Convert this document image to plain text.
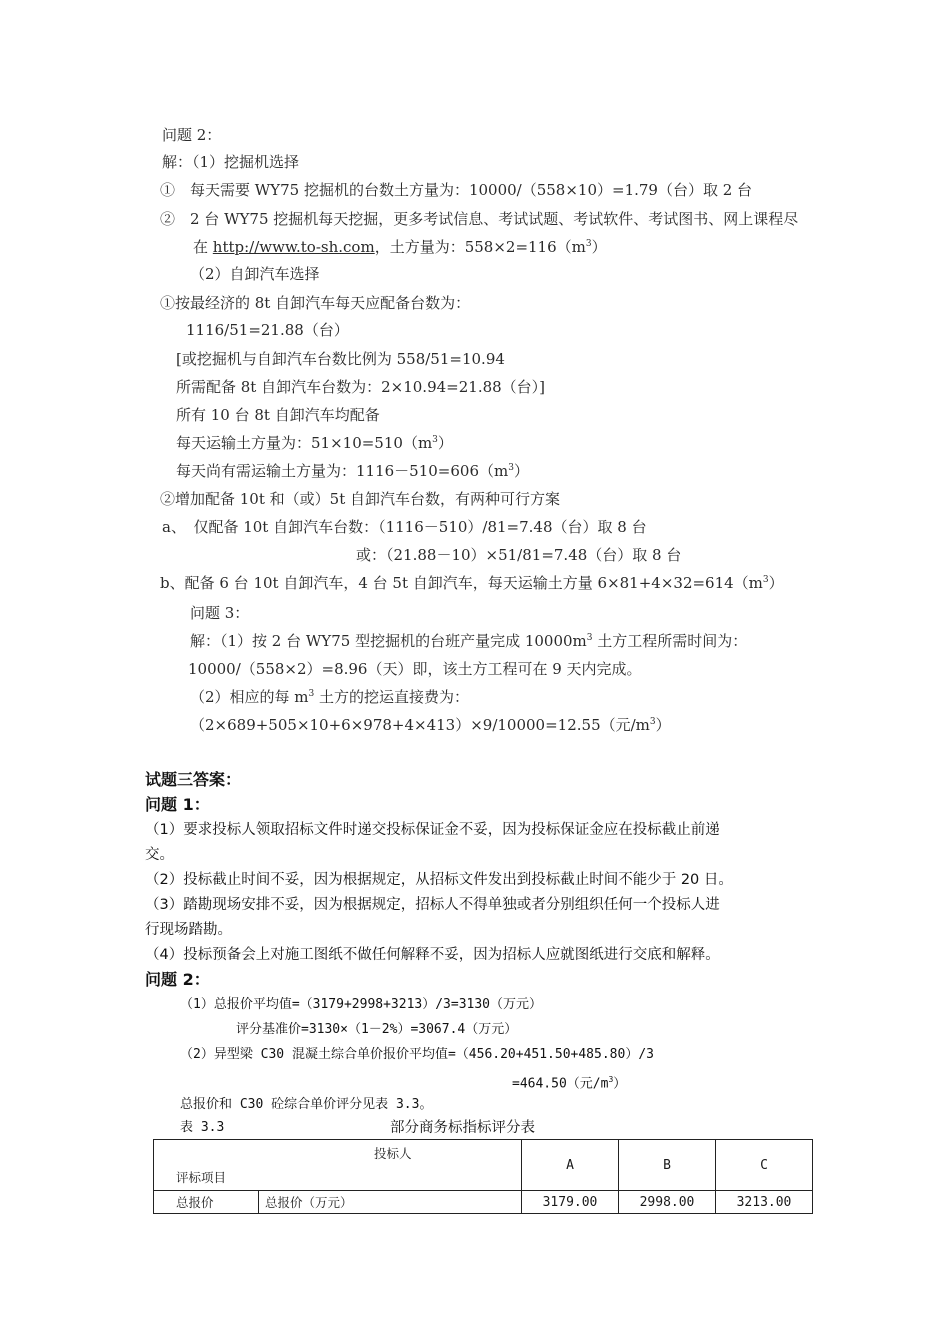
问题 2：
解：（1）挖掘机选择
①　每天需要 WY75 挖掘机的台数土方量为：10000/（558×10）=1.79（台）取 2 台
②　2 台 WY75 挖掘机每天挖掘，更多考试信息、考试试题、考试软件、考试图书、网上课程尽
在 http://www.to-sh.com，土方量为：$558\times 2=116(m^3)$
（2）自卸汽车选择
①按最经济的 8t 自卸汽车每天应配备台数为：
1116/51=21.88（台）
[或挖掘机与自卸汽车台数比例为 558/51=10.94
所需配备 8t 自卸汽车台数为：2×10.94=21.88（台）]
所有 10 台 8t 自卸汽车均配备
每天运输土方量为：$51\times 10=510(m^3)$
每天尚有需运输土方量为：$1116-510=606(m^3)$
②增加配备 10t 和（或）5t 自卸汽车台数，有两种可行方案
a、　仅配备 10t 自卸汽车台数：（1116－510）/81=7.48（台）取 8 台
或：（21.88－10）×51/81=7.48（台）取 8 台
b、配备 6 台 10t 自卸汽车，4 台 5t 自卸汽车，每天运输土方量 $6\times 81+4\times 32=614(m^3)$
问题 3：
解：（1）按 2 台 WY75 型挖掘机的台班产量完成 $10000m^3$ 土方工程所需时间为：
10000/（558×2）=8.96（天）即，该土方工程可在 9 天内完成。
（2）相应的每 $m^3$ 土方的挖运直接费为：
（2×689+505×10+6×978+4×413）×9/10000=12.55（元$/m^3$）
试题三答案：
问题 1：
（1）要求投标人领取招标文件时递交投标保证金不妥，因为投标保证金应在投标截止前递
交。
（2）投标截止时间不妥，因为根据规定，从招标文件发出到投标截止时间不能少于 20 日。
（3）踏勘现场安排不妥，因为根据规定，招标人不得单独或者分别组织任何一个投标人进
行现场踏勘。
（4）投标预备会上对施工图纸不做任何解释不妥，因为招标人应就图纸进行交底和解释。
问题 2：
（1）总报价平均值=（3179+2998+3213）/3=3130（万元）
评分基准价=3130×（1－2%）=3067.4（万元）
（2）异型梁 C30 混凝土综合单价报价平均值=（456.20+451.50+485.80）/3
=464.50（元$/m^3$）
总报价和 C30 砼综合单价评分见表 3.3。
表 3.3	部分商务标指标评分表
投标人
评标项目		A	B	C
总报价	总报价（万元）	3179.00	2998.00	3213.00
